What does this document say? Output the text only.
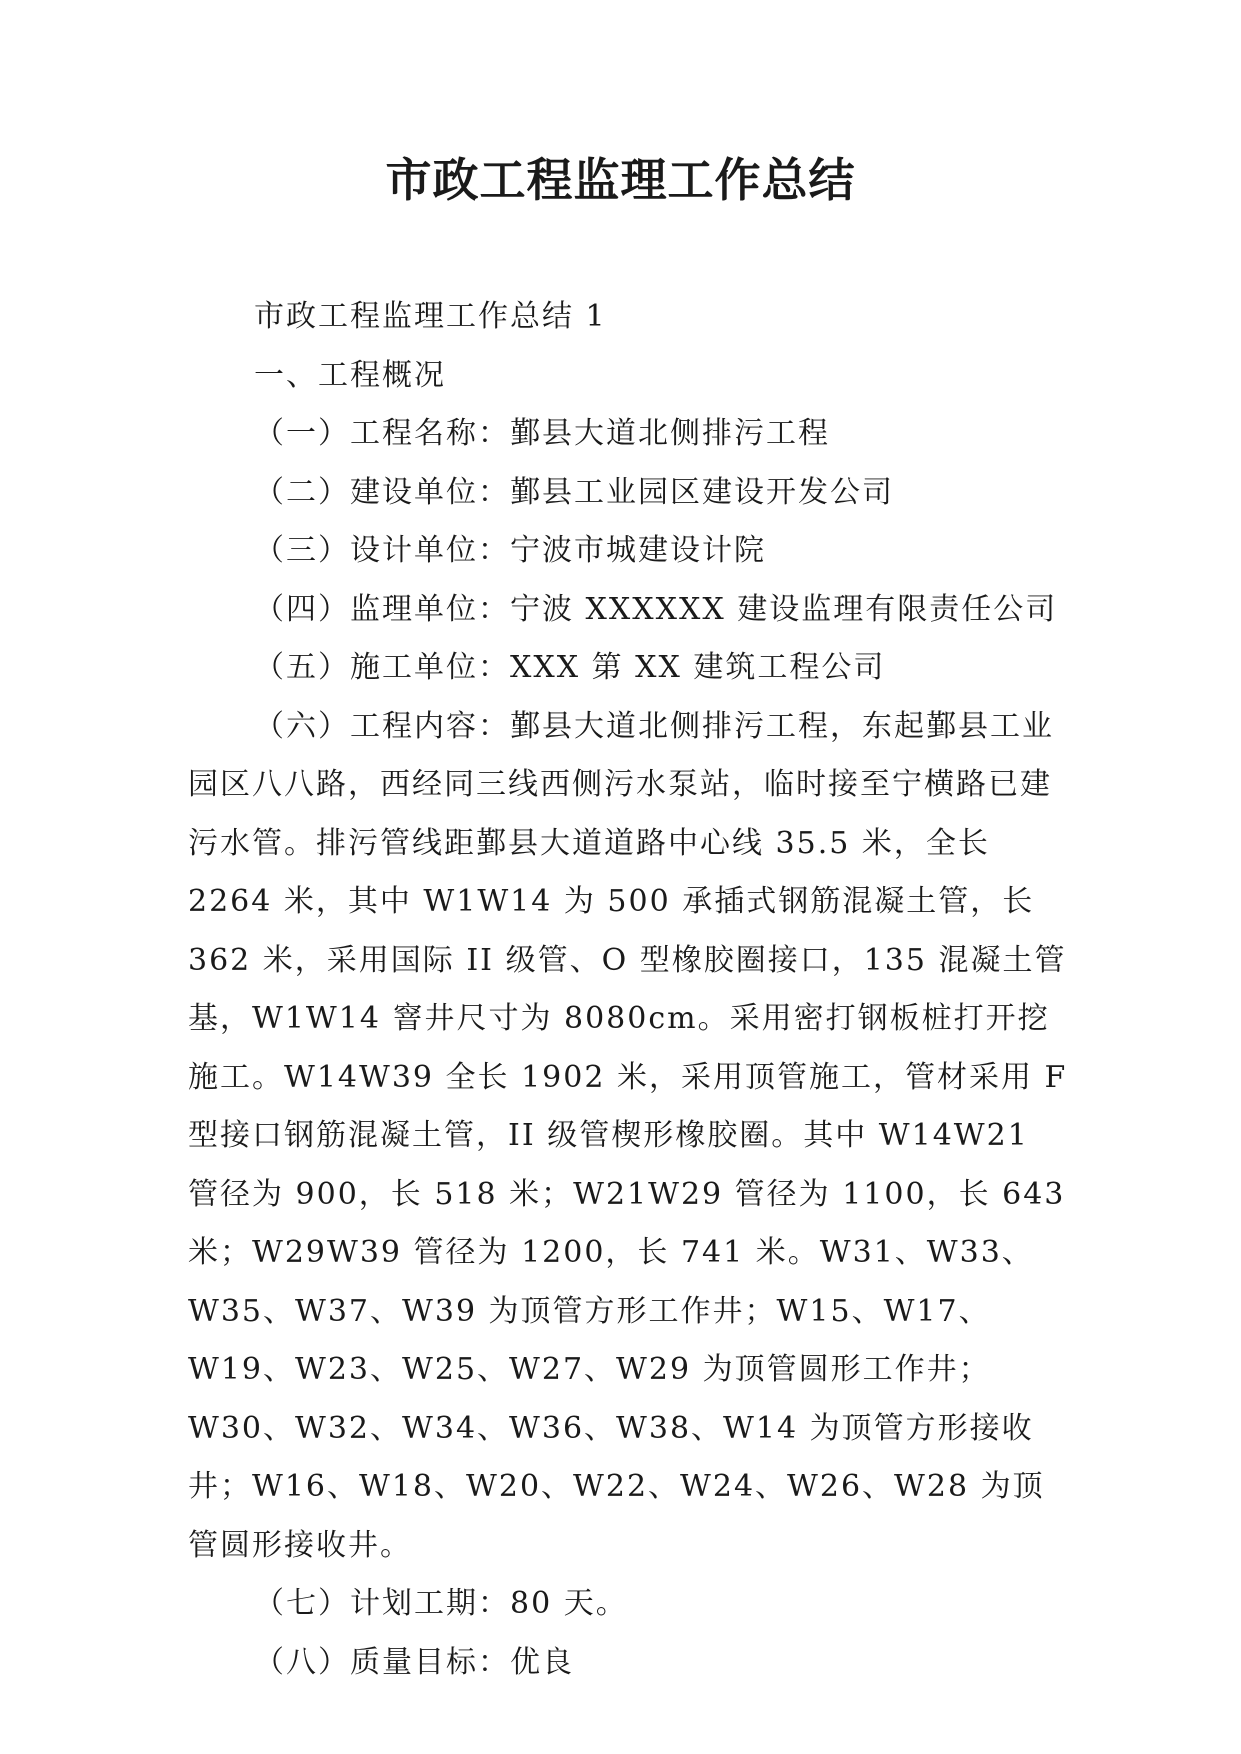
市政工程监理工作总结

市政工程监理工作总结 1

一、工程概况

（一）工程名称：鄞县大道北侧排污工程

（二）建设单位：鄞县工业园区建设开发公司

（三）设计单位：宁波市城建设计院

（四）监理单位：宁波 XXXXXX 建设监理有限责任公司

（五）施工单位：XXX 第 XX 建筑工程公司

（六）工程内容：鄞县大道北侧排污工程，东起鄞县工业园区八八路，西经同三线西侧污水泵站，临时接至宁横路已建污水管。排污管线距鄞县大道道路中心线 35.5 米，全长 2264 米，其中 W1W14 为 500 承插式钢筋混凝土管，长 362 米，采用国际 II 级管、O 型橡胶圈接口，135 混凝土管基，W1W14 窨井尺寸为 8080cm。采用密打钢板桩打开挖施工。W14W39 全长 1902 米，采用顶管施工，管材采用 F 型接口钢筋混凝土管，II 级管楔形橡胶圈。其中 W14W21 管径为 900，长 518 米；W21W29 管径为 1100，长 643 米；W29W39 管径为 1200，长 741 米。W31、W33、W35、W37、W39 为顶管方形工作井；W15、W17、W19、W23、W25、W27、W29 为顶管圆形工作井；W30、W32、W34、W36、W38、W14 为顶管方形接收井；W16、W18、W20、W22、W24、W26、W28 为顶管圆形接收井。

（七）计划工期：80 天。

（八）质量目标：优良
